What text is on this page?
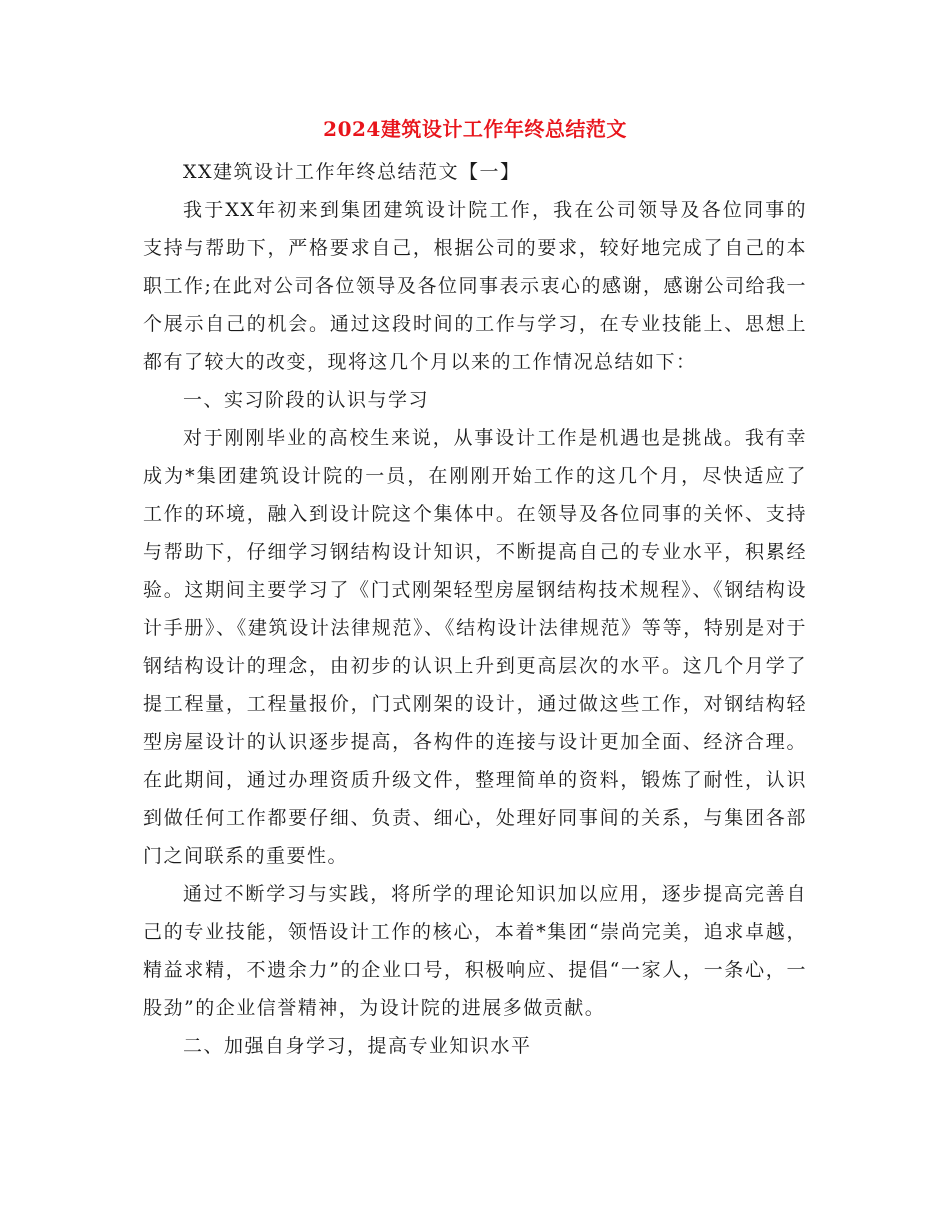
2024建筑设计工作年终总结范文

XX建筑设计工作年终总结范文【一】

我于XX年初来到集团建筑设计院工作，我在公司领导及各位同事的支持与帮助下，严格要求自己，根据公司的要求，较好地完成了自己的本职工作;在此对公司各位领导及各位同事表示衷心的感谢，感谢公司给我一个展示自己的机会。通过这段时间的工作与学习，在专业技能上、思想上都有了较大的改变，现将这几个月以来的工作情况总结如下：

一、实习阶段的认识与学习

对于刚刚毕业的高校生来说，从事设计工作是机遇也是挑战。我有幸成为*集团建筑设计院的一员，在刚刚开始工作的这几个月，尽快适应了工作的环境，融入到设计院这个集体中。在领导及各位同事的关怀、支持与帮助下，仔细学习钢结构设计知识，不断提高自己的专业水平，积累经验。这期间主要学习了《门式刚架轻型房屋钢结构技术规程》、《钢结构设计手册》、《建筑设计法律规范》、《结构设计法律规范》等等，特别是对于钢结构设计的理念，由初步的认识上升到更高层次的水平。这几个月学了提工程量，工程量报价，门式刚架的设计，通过做这些工作，对钢结构轻型房屋设计的认识逐步提高，各构件的连接与设计更加全面、经济合理。在此期间，通过办理资质升级文件，整理简单的资料，锻炼了耐性，认识到做任何工作都要仔细、负责、细心，处理好同事间的关系，与集团各部门之间联系的重要性。

通过不断学习与实践，将所学的理论知识加以应用，逐步提高完善自己的专业技能，领悟设计工作的核心，本着*集团“崇尚完美，追求卓越，精益求精，不遗余力”的企业口号，积极响应、提倡“一家人，一条心，一股劲”的企业信誉精神，为设计院的进展多做贡献。

二、加强自身学习，提高专业知识水平
